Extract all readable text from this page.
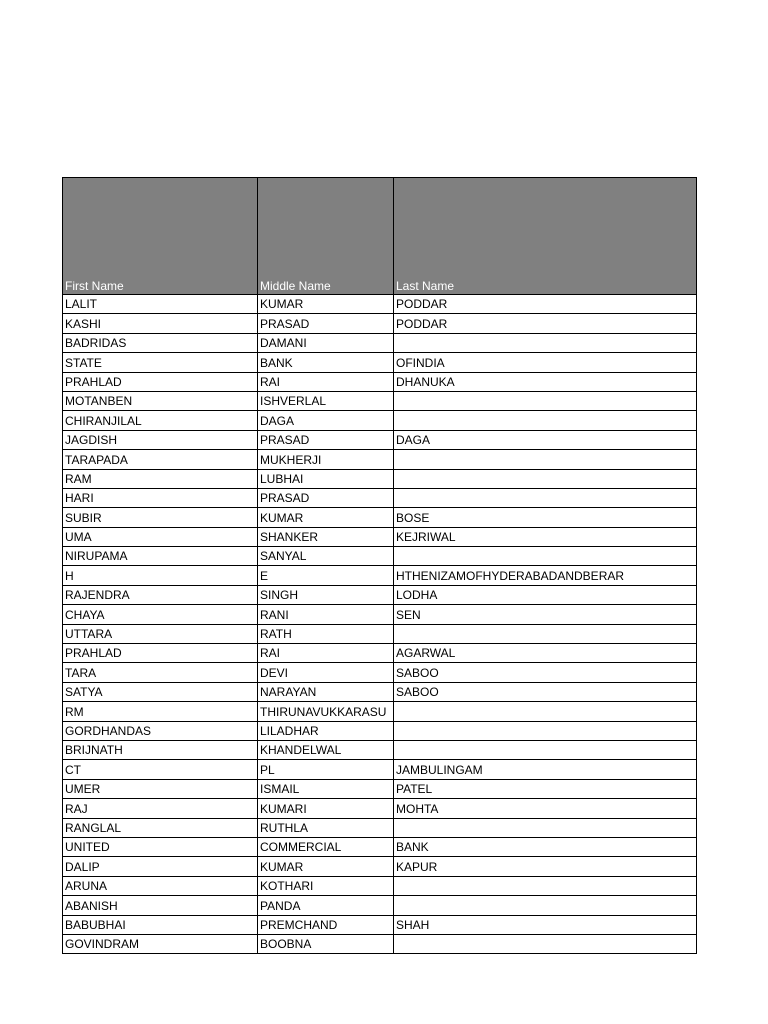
First Name	Middle Name	Last Name
LALIT	KUMAR	PODDAR
KASHI	PRASAD	PODDAR
BADRIDAS	DAMANI	
STATE	BANK	OFINDIA
PRAHLAD	RAI	DHANUKA
MOTANBEN	ISHVERLAL	
CHIRANJILAL	DAGA	
JAGDISH	PRASAD	DAGA
TARAPADA	MUKHERJI	
RAM	LUBHAI	
HARI	PRASAD	
SUBIR	KUMAR	BOSE
UMA	SHANKER	KEJRIWAL
NIRUPAMA	SANYAL	
H	E	HTHENIZAMOFHYDERABADANDBERAR
RAJENDRA	SINGH	LODHA
CHAYA	RANI	SEN
UTTARA	RATH	
PRAHLAD	RAI	AGARWAL
TARA	DEVI	SABOO
SATYA	NARAYAN	SABOO
RM	THIRUNAVUKKARASU	
GORDHANDAS	LILADHAR	
BRIJNATH	KHANDELWAL	
CT	PL	JAMBULINGAM
UMER	ISMAIL	PATEL
RAJ	KUMARI	MOHTA
RANGLAL	RUTHLA	
UNITED	COMMERCIAL	BANK
DALIP	KUMAR	KAPUR
ARUNA	KOTHARI	
ABANISH	PANDA	
BABUBHAI	PREMCHAND	SHAH
GOVINDRAM	BOOBNA	
